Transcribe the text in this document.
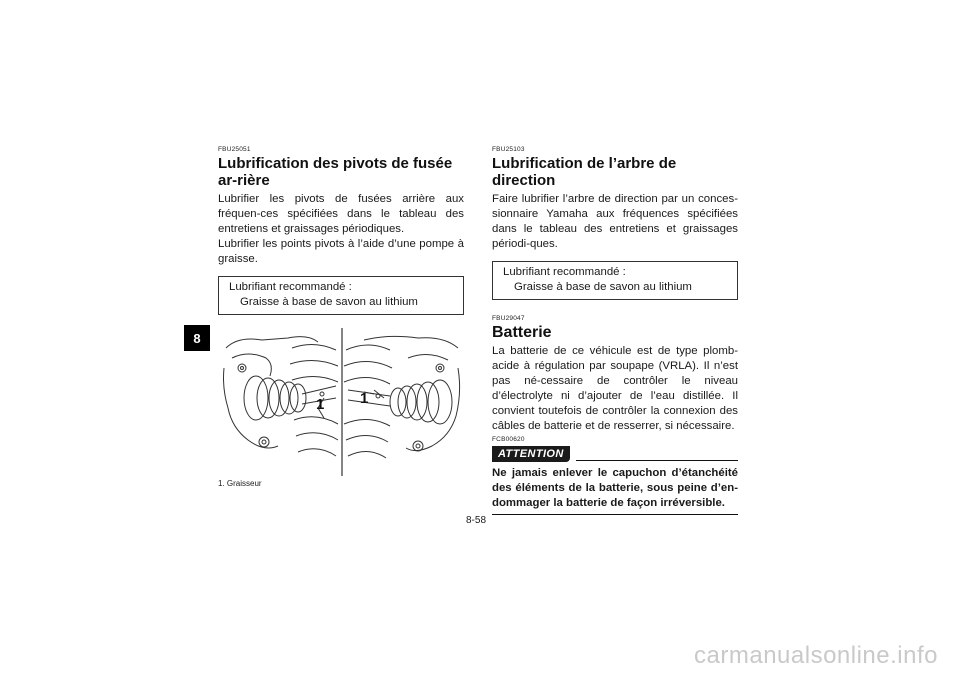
8
FBU25051
Lubrification des pivots de fusée ar-rière

Lubrifier les pivots de fusées arrière aux fréquen-ces spécifiées dans le tableau des entretiens et graissages périodiques.

Lubrifier les points pivots à l’aide d’une pompe à graisse.

Lubrifiant recommandé :
Graisse à base de savon au lithium
1 1
1. Graisseur
FBU25103
Lubrification de l’arbre de direction

Faire lubrifier l’arbre de direction par un conces-sionnaire Yamaha aux fréquences spécifiées dans le tableau des entretiens et graissages périodi-ques.

Lubrifiant recommandé :
Graisse à base de savon au lithium
FBU29047
Batterie

La batterie de ce véhicule est de type plomb-acide à régulation par soupape (VRLA). Il n’est pas né-cessaire de contrôler le niveau d’électrolyte ni d’ajouter de l’eau distillée. Il convient toutefois de contrôler la connexion des câbles de batterie et de resserrer, si nécessaire.

FCB00620
ATTENTION

Ne jamais enlever le capuchon d’étanchéité des éléments de la batterie, sous peine d’en-dommager la batterie de façon irréversible.

8-58
carmanualsonline.info
